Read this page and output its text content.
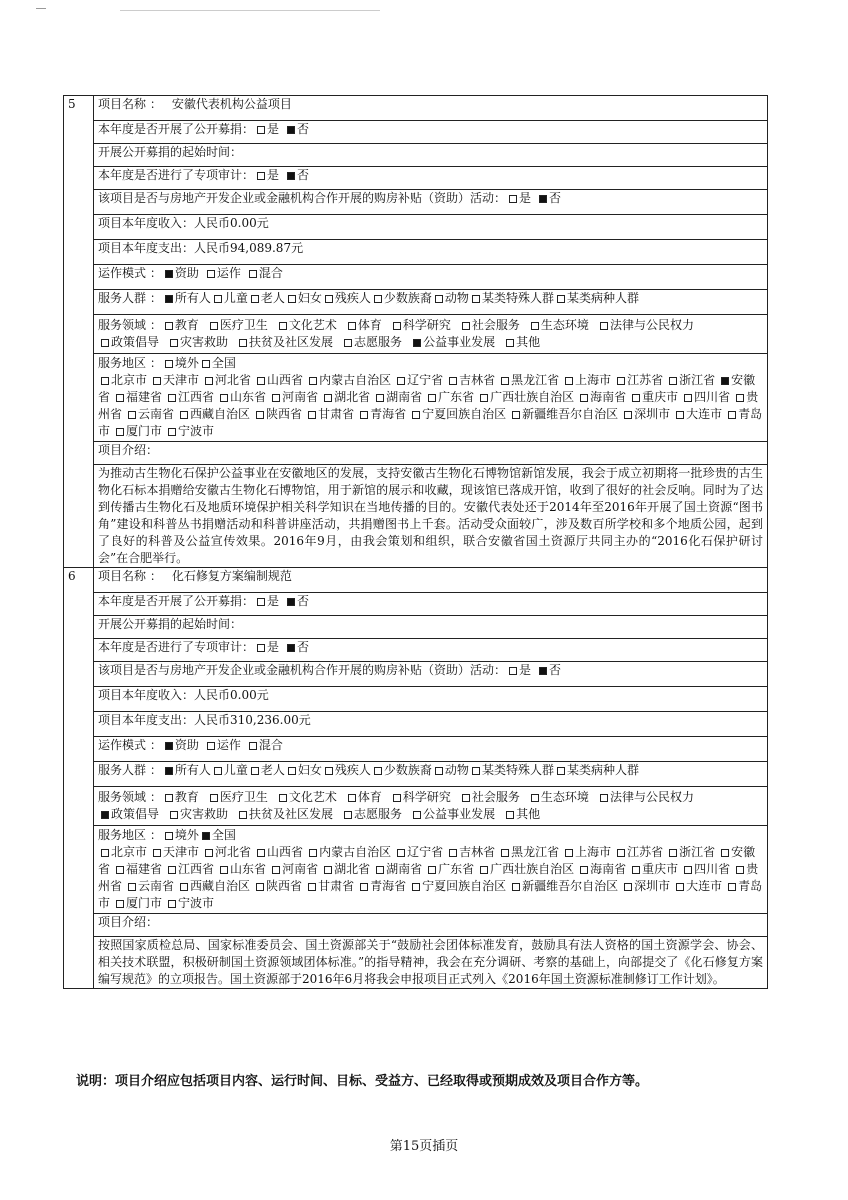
5	项目名称 ： 安徽代表机构公益项目
	本年度是否开展了公开募捐： 是 否
	开展公开募捐的起始时间：
	本年度是否进行了专项审计： 是 否
	该项目是否与房地产开发企业或金融机构合作开展的购房补贴（资助）活动： 是 否
	项目本年度收入：人民币0.00元
	项目本年度支出：人民币94,089.87元
	运作模式 ： 资助 运作 混合
	服务人群 ： 所有人 儿童 老人 妇女 残疾人 少数族裔 动物 某类特殊人群 某类病种人群
	服务领域 ： 教育 医疗卫生 文化艺术 体育 科学研究 社会服务 生态环境 法律与公民权力政策倡导 灾害救助 扶贫及社区发展 志愿服务 公益事业发展 其他
	服务地区 ： 境外 全国
北京市 天津市 河北省 山西省 内蒙古自治区 辽宁省 吉林省 黑龙江省 上海市 江苏省 浙江省 安徽省 福建省 江西省 山东省 河南省 湖北省 湖南省 广东省 广西壮族自治区 海南省 重庆市 四川省 贵州省 云南省 西藏自治区 陕西省 甘肃省 青海省 宁夏回族自治区 新疆维吾尔自治区 深圳市 大连市 青岛市 厦门市 宁波市
	项目介绍：
	为推动古生物化石保护公益事业在安徽地区的发展，支持安徽古生物化石博物馆新馆发展，我会于成立初期将一批珍贵的古生物化石标本捐赠给安徽古生物化石博物馆，用于新馆的展示和收藏，现该馆已落成开馆，收到了很好的社会反响。同时为了达到传播古生物化石及地质环境保护相关科学知识在当地传播的目的。安徽代表处还于2014年至2016年开展了国土资源“图书角”建设和科普丛书捐赠活动和科普讲座活动，共捐赠图书上千套。活动受众面较广，涉及数百所学校和多个地质公园，起到了良好的科普及公益宣传效果。2016年9月，由我会策划和组织，联合安徽省国土资源厅共同主办的“2016化石保护研讨会”在合肥举行。
6	项目名称 ： 化石修复方案编制规范
	本年度是否开展了公开募捐： 是 否
	开展公开募捐的起始时间：
	本年度是否进行了专项审计： 是 否
	该项目是否与房地产开发企业或金融机构合作开展的购房补贴（资助）活动： 是 否
	项目本年度收入：人民币0.00元
	项目本年度支出：人民币310,236.00元
	运作模式 ： 资助 运作 混合
	服务人群 ： 所有人 儿童 老人 妇女 残疾人 少数族裔 动物 某类特殊人群 某类病种人群
	服务领域 ： 教育 医疗卫生 文化艺术 体育 科学研究 社会服务 生态环境 法律与公民权力政策倡导 灾害救助 扶贫及社区发展 志愿服务 公益事业发展 其他
	服务地区 ： 境外 全国
北京市 天津市 河北省 山西省 内蒙古自治区 辽宁省 吉林省 黑龙江省 上海市 江苏省 浙江省 安徽省 福建省 江西省 山东省 河南省 湖北省 湖南省 广东省 广西壮族自治区 海南省 重庆市 四川省 贵州省 云南省 西藏自治区 陕西省 甘肃省 青海省 宁夏回族自治区 新疆维吾尔自治区 深圳市 大连市 青岛市 厦门市 宁波市
	项目介绍：
	按照国家质检总局、国家标准委员会、国土资源部关于“鼓励社会团体标准发育，鼓励具有法人资格的国土资源学会、协会、相关技术联盟，积极研制国土资源领域团体标准。”的指导精神，我会在充分调研、考察的基础上，向部提交了《化石修复方案编写规范》的立项报告。国土资源部于2016年6月将我会申报项目正式列入《2016年国土资源标准制修订工作计划》。
说明：项目介绍应包括项目内容、运行时间、目标、受益方、已经取得或预期成效及项目合作方等。
第15页插页
